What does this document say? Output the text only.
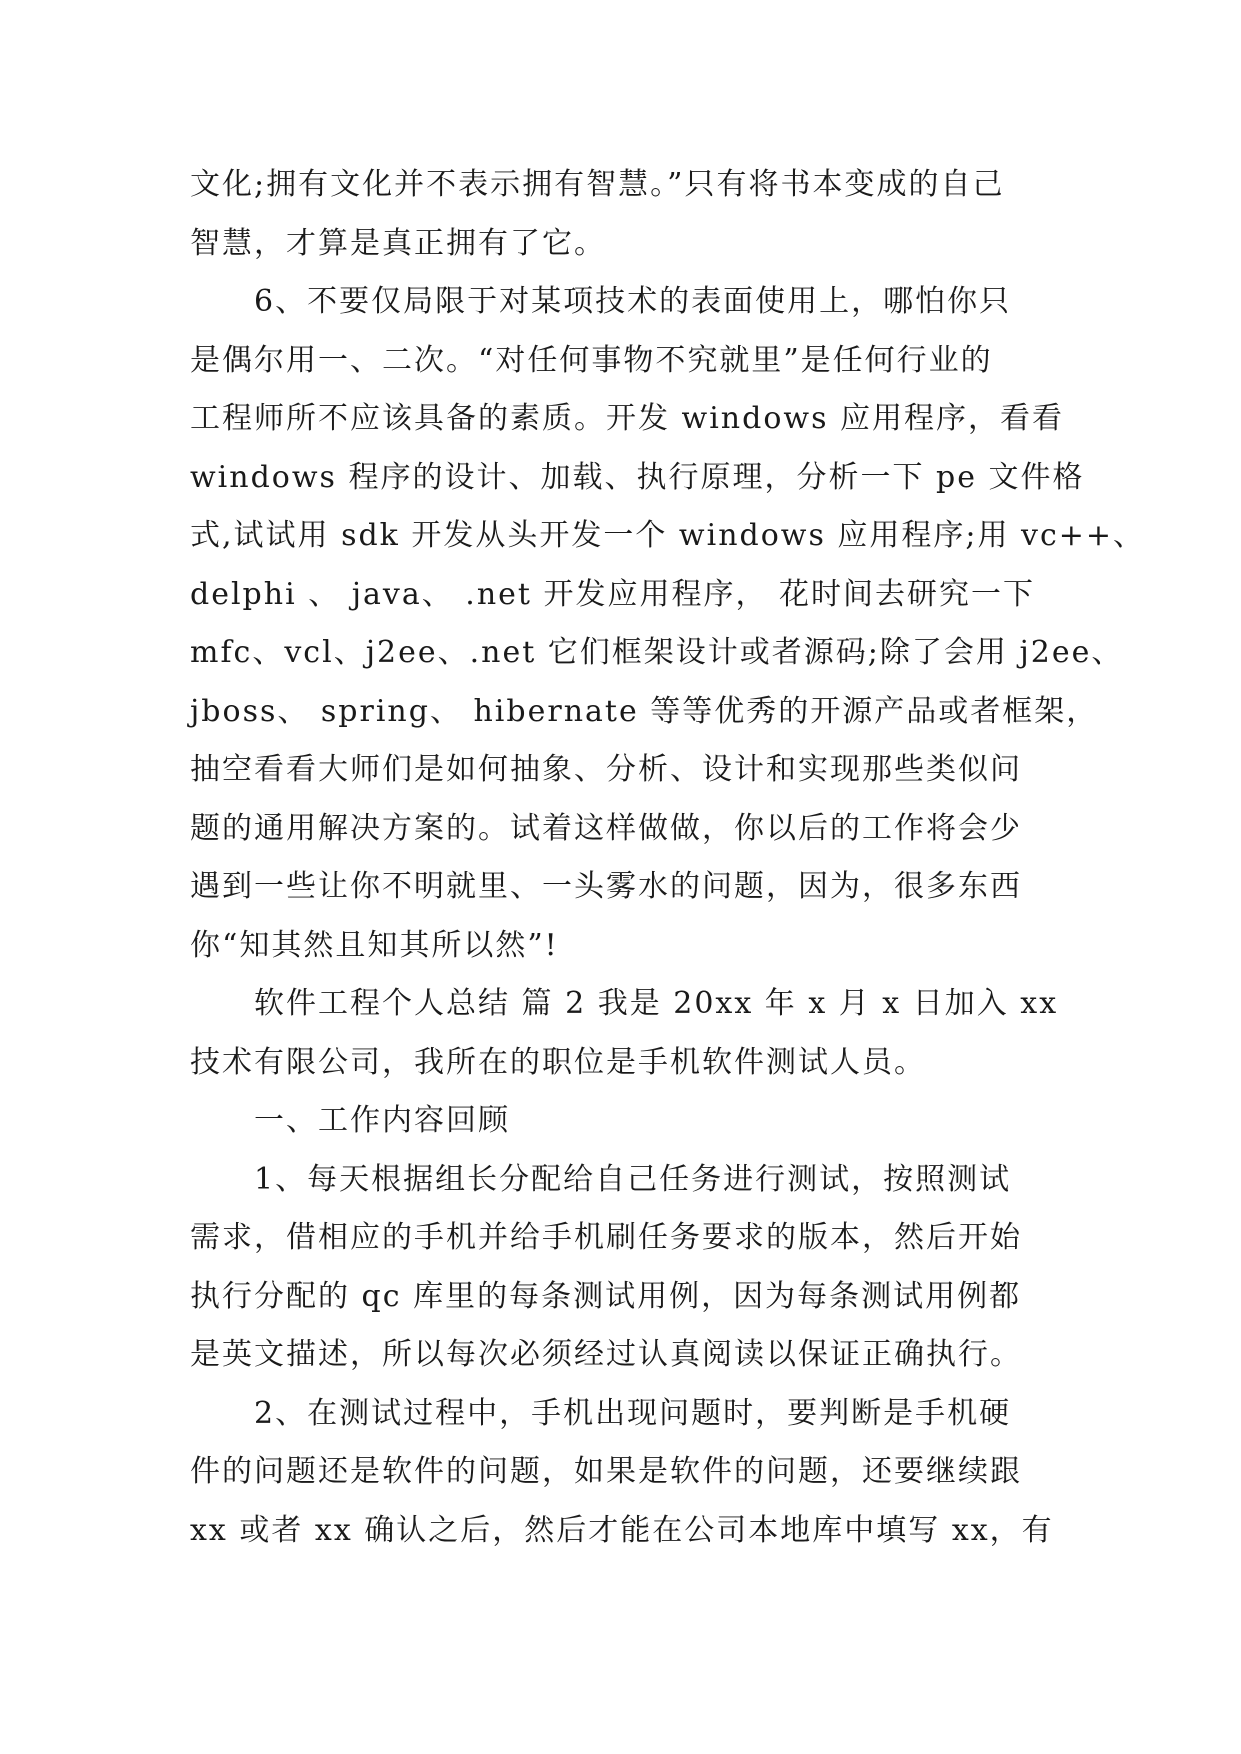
文化;拥有文化并不表示拥有智慧。”只有将书本变成的自己
智慧，才算是真正拥有了它。
6、不要仅局限于对某项技术的表面使用上，哪怕你只
是偶尔用一、二次。“对任何事物不究就里”是任何行业的
工程师所不应该具备的素质。开发 windows 应用程序，看看
windows 程序的设计、加载、执行原理，分析一下 pe 文件格
式,试试用 sdk 开发从头开发一个 windows 应用程序;用 vc++、
delphi 、 java、 .net 开发应用程序， 花时间去研究一下
mfc、vcl、j2ee、.net 它们框架设计或者源码;除了会用 j2ee、
jboss、 spring、 hibernate 等等优秀的开源产品或者框架，
抽空看看大师们是如何抽象、分析、设计和实现那些类似问
题的通用解决方案的。试着这样做做，你以后的工作将会少
遇到一些让你不明就里、一头雾水的问题，因为，很多东西
你“知其然且知其所以然”!
软件工程个人总结 篇 2 我是 20xx 年 x 月 x 日加入 xx
技术有限公司，我所在的职位是手机软件测试人员。
一、工作内容回顾
1、每天根据组长分配给自己任务进行测试，按照测试
需求，借相应的手机并给手机刷任务要求的版本，然后开始
执行分配的 qc 库里的每条测试用例，因为每条测试用例都
是英文描述，所以每次必须经过认真阅读以保证正确执行。
2、在测试过程中，手机出现问题时，要判断是手机硬
件的问题还是软件的问题，如果是软件的问题，还要继续跟
xx 或者 xx 确认之后，然后才能在公司本地库中填写 xx，有
